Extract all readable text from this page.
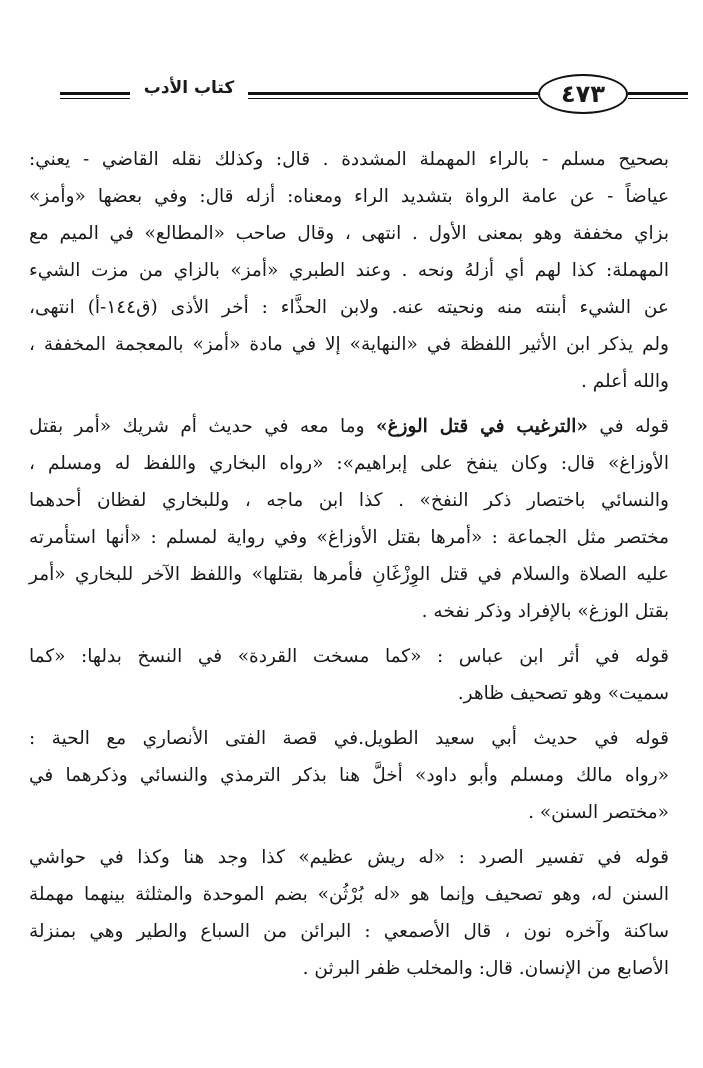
كتاب الأدب	٤٧٣

بصحيح مسلم - بالراء المهملة المشددة . قال: وكذلك نقله القاضي - يعني:
عياضاً - عن عامة الرواة بتشديد الراء ومعناه: أزله قال: وفي بعضها «وأمز»
بزاي مخففة وهو بمعنى الأول . انتهى ، وقال صاحب «المطالع» في الميم مع
المهملة: كذا لهم أي أزلهُ ونحه . وعند الطبري «أمز» بالزاي من مزت الشيء
عن الشيء أبنته منه ونحيته عنه. ولابن الحذَّاء : أخر الأذى (ق١٤٤-أ) انتهى،
ولم يذكر ابن الأثير اللفظة في «النهاية» إلا في مادة «أمز» بالمعجمة المخففة ،
والله أعلم .

قوله في «الترغيب في قتل الوزغ» وما معه في حديث أم شريك «أمر بقتل
الأوزاغ» قال: وكان ينفخ على إبراهيم»: «رواه البخاري واللفظ له ومسلم ،
والنسائي باختصار ذكر النفخ» . كذا ابن ماجه ، وللبخاري لفظان أحدهما
مختصر مثل الجماعة : «أمرها بقتل الأوزاغ» وفي رواية لمسلم : «أنها استأمرته
عليه الصلاة والسلام في قتل الوِزْغَانِ فأمرها بقتلها» واللفظ الآخر للبخاري «أمر
بقتل الوزغ» بالإفراد وذكر نفخه .

قوله في أثر ابن عباس : «كما مسخت القردة» في النسخ بدلها: «كما
سميت» وهو تصحيف ظاهر.

قوله في حديث أبي سعيد الطويل.في قصة الفتى الأنصاري مع الحية :
«رواه مالك ومسلم وأبو داود» أخلَّ هنا بذكر الترمذي والنسائي وذكرهما في
«مختصر السنن» .

قوله في تفسير الصرد : «له ريش عظيم» كذا وجد هنا وكذا في حواشي
السنن له، وهو تصحيف وإنما هو «له بُرْثُن» بضم الموحدة والمثلثة بينهما مهملة
ساكنة وآخره نون ، قال الأصمعي : البرائن من السباع والطير وهي بمنزلة
الأصابع من الإنسان. قال: والمخلب ظفر البرثن .
